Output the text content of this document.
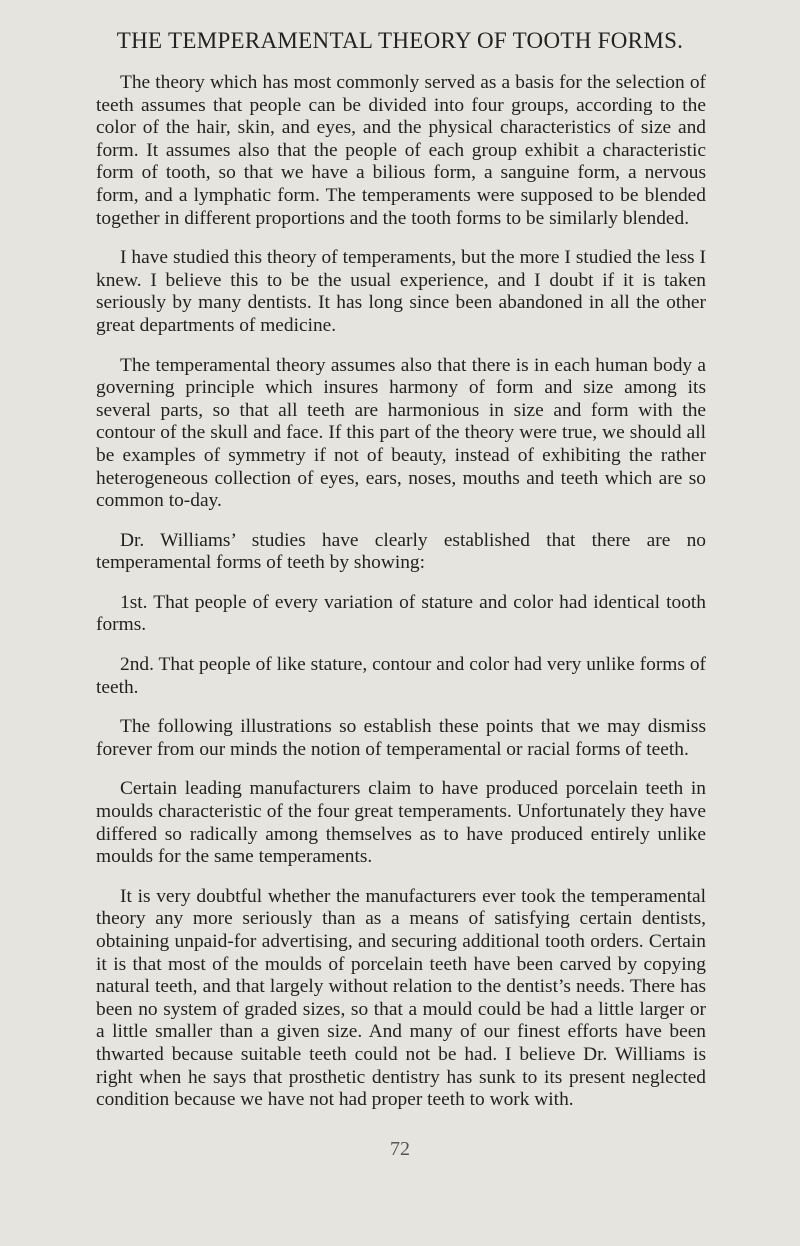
THE TEMPERAMENTAL THEORY OF TOOTH FORMS.

The theory which has most commonly served as a basis for the selection of teeth assumes that people can be divided into four groups, according to the color of the hair, skin, and eyes, and the physical characteristics of size and form. It assumes also that the people of each group exhibit a characteristic form of tooth, so that we have a bilious form, a sanguine form, a nervous form, and a lymphatic form. The temperaments were supposed to be blended together in different proportions and the tooth forms to be similarly blended.

I have studied this theory of temperaments, but the more I studied the less I knew. I believe this to be the usual experience, and I doubt if it is taken seriously by many dentists. It has long since been abandoned in all the other great departments of medicine.

The temperamental theory assumes also that there is in each human body a governing principle which insures harmony of form and size among its several parts, so that all teeth are harmonious in size and form with the contour of the skull and face. If this part of the theory were true, we should all be examples of symmetry if not of beauty, instead of exhibiting the rather heterogeneous collection of eyes, ears, noses, mouths and teeth which are so common to-day.

Dr. Williams’ studies have clearly established that there are no temperamental forms of teeth by showing:

1st. That people of every variation of stature and color had identical tooth forms.

2nd. That people of like stature, contour and color had very unlike forms of teeth.

The following illustrations so establish these points that we may dismiss forever from our minds the notion of temperamental or racial forms of teeth.

Certain leading manufacturers claim to have produced porcelain teeth in moulds characteristic of the four great temperaments. Unfortunately they have differed so radically among themselves as to have produced entirely unlike moulds for the same temperaments.

It is very doubtful whether the manufacturers ever took the temperamental theory any more seriously than as a means of satisfying certain dentists, obtaining unpaid-for advertising, and securing additional tooth orders. Certain it is that most of the moulds of porcelain teeth have been carved by copying natural teeth, and that largely without relation to the dentist’s needs. There has been no system of graded sizes, so that a mould could be had a little larger or a little smaller than a given size. And many of our finest efforts have been thwarted because suitable teeth could not be had. I believe Dr. Williams is right when he says that prosthetic dentistry has sunk to its present neglected condition because we have not had proper teeth to work with.

72
